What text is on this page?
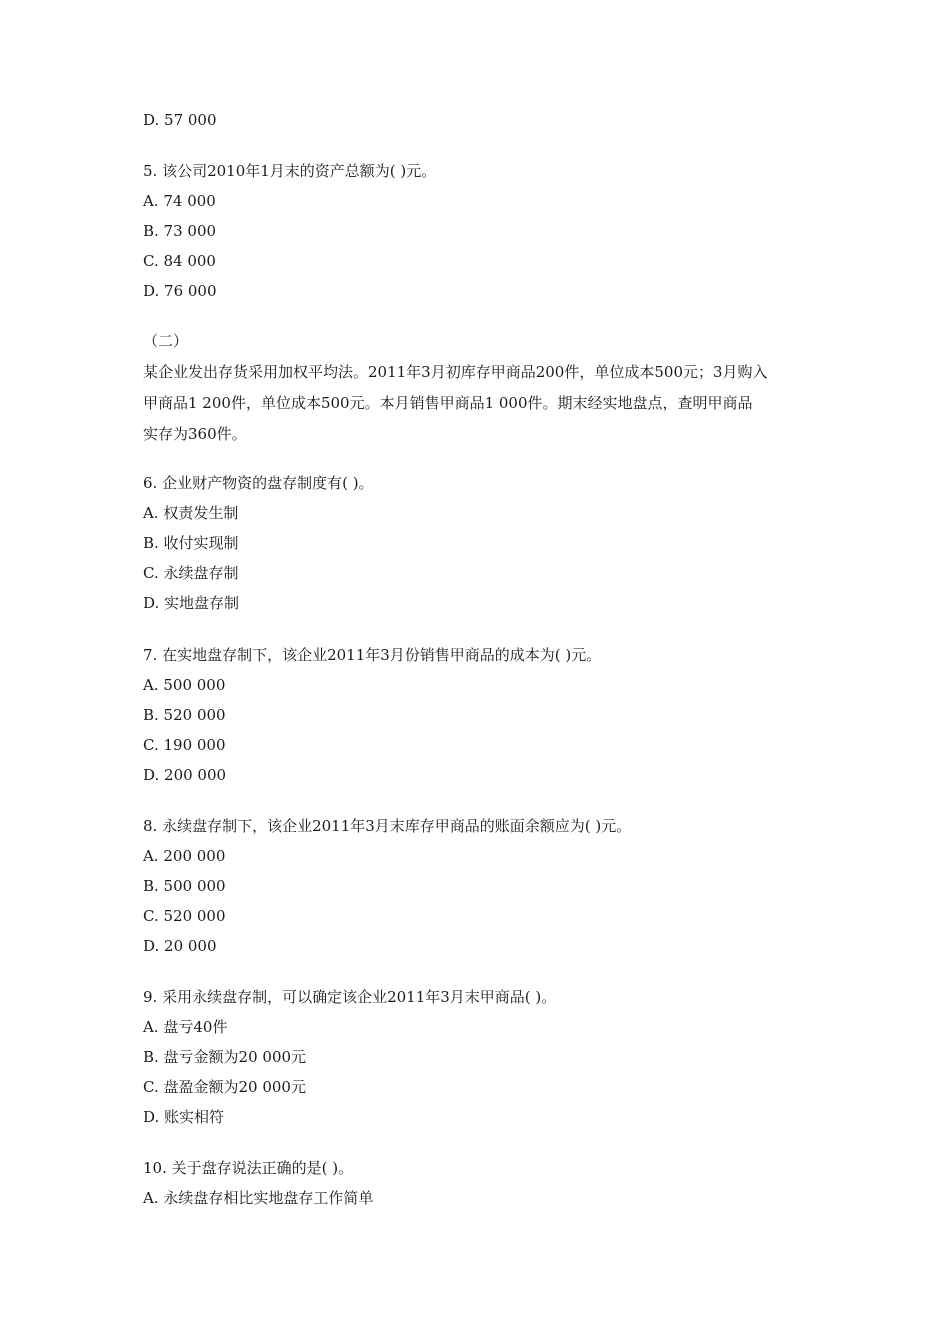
D. 57 000
5. 该公司2010年1月末的资产总额为( )元。
A. 74 000
B. 73 000
C. 84 000
D. 76 000
（二）
某企业发出存货采用加权平均法。2011年3月初库存甲商品200件，单位成本500元；3月购入
甲商品1 200件，单位成本500元。本月销售甲商品1 000件。期末经实地盘点，查明甲商品
实存为360件。
6. 企业财产物资的盘存制度有( )。
A. 权责发生制
B. 收付实现制
C. 永续盘存制
D. 实地盘存制
7. 在实地盘存制下，该企业2011年3月份销售甲商品的成本为( )元。
A. 500 000
B. 520 000
C. 190 000
D. 200 000
8. 永续盘存制下，该企业2011年3月末库存甲商品的账面余额应为( )元。
A. 200 000
B. 500 000
C. 520 000
D. 20 000
9. 采用永续盘存制，可以确定该企业2011年3月末甲商品( )。
A. 盘亏40件
B. 盘亏金额为20 000元
C. 盘盈金额为20 000元
D. 账实相符
10. 关于盘存说法正确的是( )。
A. 永续盘存相比实地盘存工作简单
